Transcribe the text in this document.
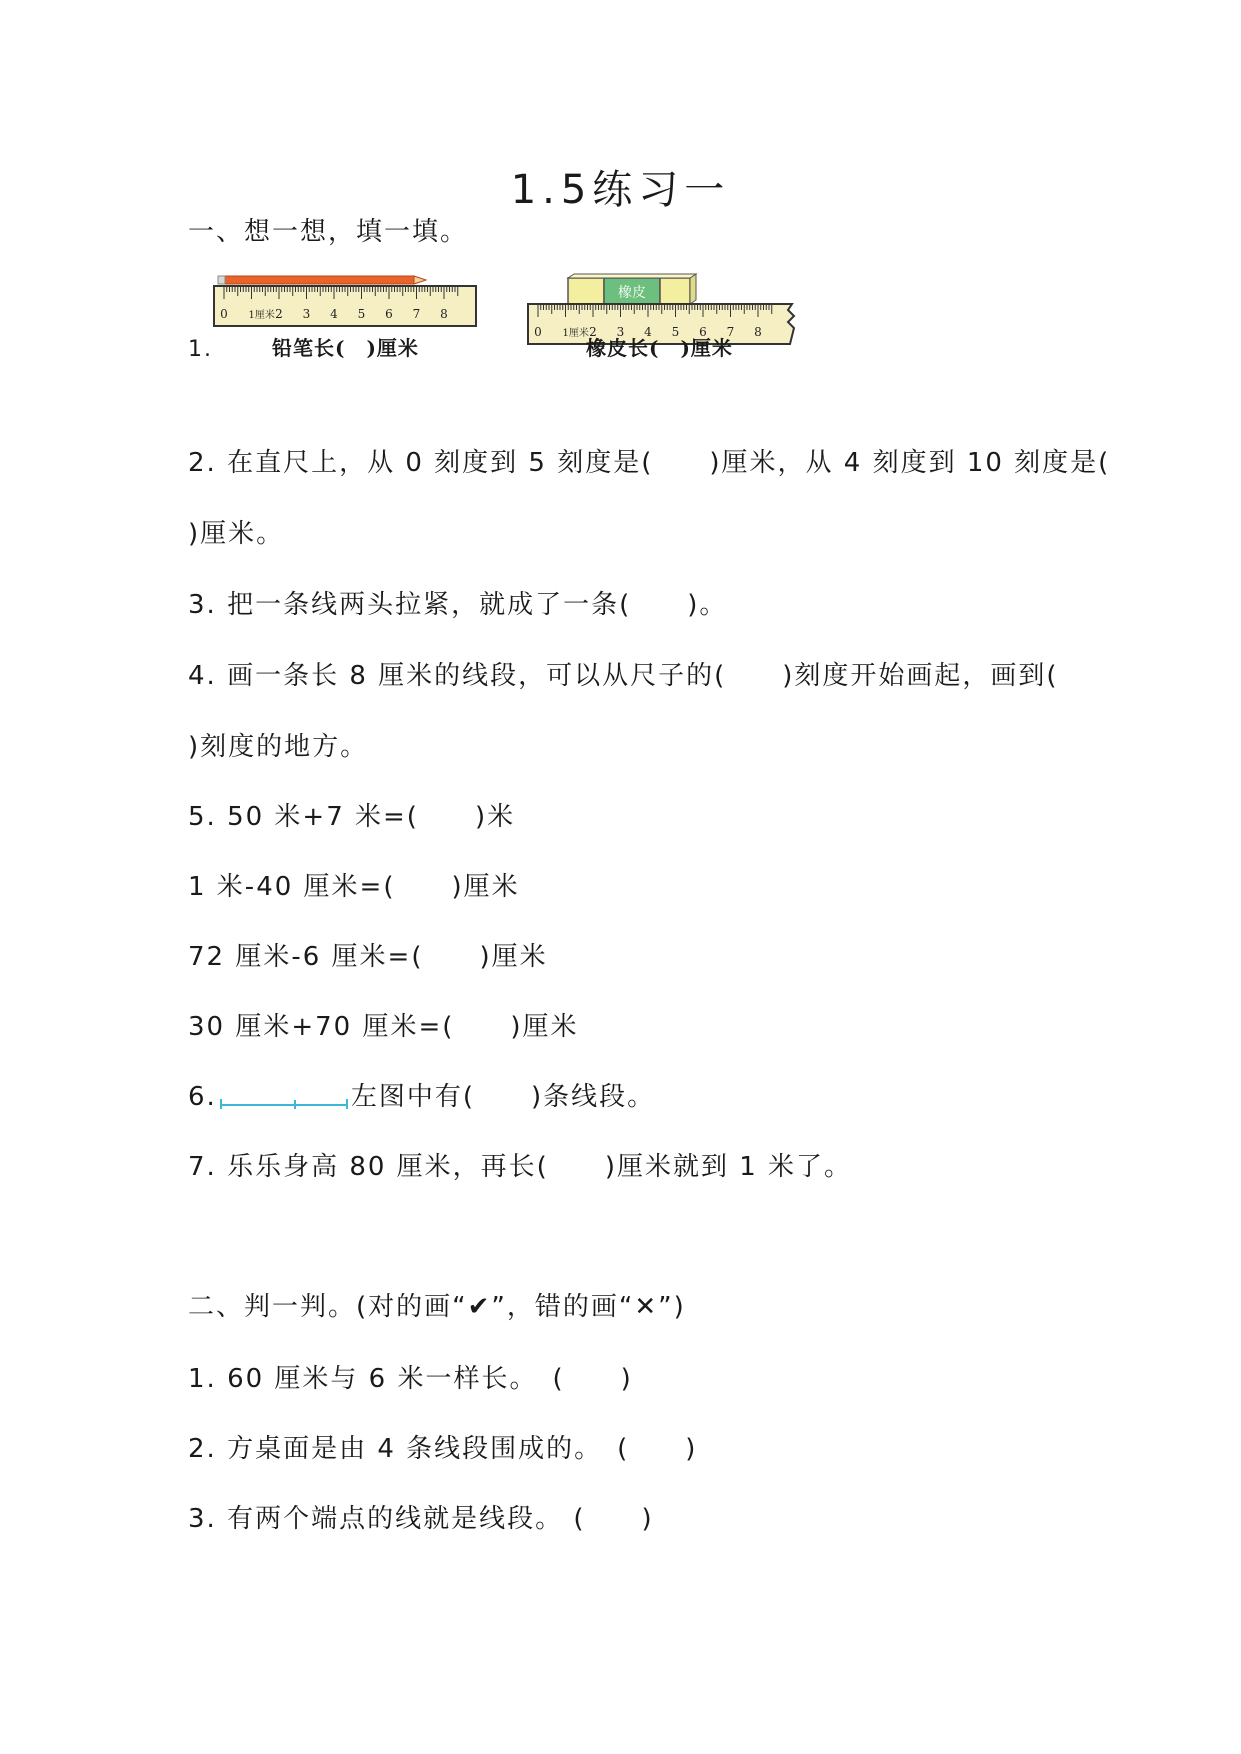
1.5练习一
一、想一想，填一填。
1.
0 1厘米 2 3 4 5 6 7 8
铅笔长(　)厘米
橡皮
0 1厘米 2 3 4 5 6 7 8
橡皮长(　)厘米
2. 在直尺上，从 0 刻度到 5 刻度是(　　)厘米，从 4 刻度到 10 刻度是(
)厘米。
3. 把一条线两头拉紧，就成了一条(　　)。
4. 画一条长 8 厘米的线段，可以从尺子的(　　)刻度开始画起，画到(
)刻度的地方。
5. 50 米+7 米=(　　)米
1 米-40 厘米=(　　)厘米
72 厘米-6 厘米=(　　)厘米
30 厘米+70 厘米=(　　)厘米
6.	左图中有(　　)条线段。
7. 乐乐身高 80 厘米，再长(　　)厘米就到 1 米了。
二、判一判。(对的画“✔”，错的画“✕”)
1. 60 厘米与 6 米一样长。　(　　)
2. 方桌面是由 4 条线段围成的。　(　　)
3. 有两个端点的线就是线段。 (　　)
